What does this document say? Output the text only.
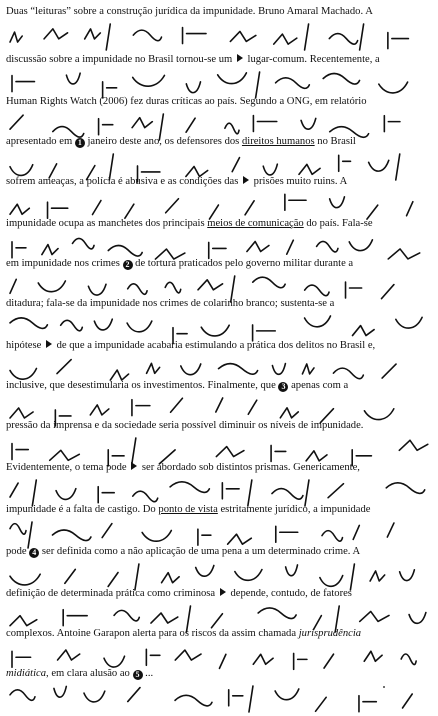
Duas “leituras” sobre a construção jurídica da impunidade. Bruno Amaral Machado. A
discussão sobre a impunidade no Brasil tornou-se um  lugar-comum. Recentemente, a
Human Rights Watch (2006) fez duras críticas ao país. Segundo a ONG, em relatório
apresentado em 1 janeiro deste ano, os defensores dos direitos humanos no Brasil
sofrem ameaças, a polícia é abusiva e as condições das  prisões muito ruins. A
impunidade ocupa as manchetes dos principais meios de comunicação do país. Fala-se
em impunidade nos crimes 2 de tortura praticados pelo governo militar durante a
ditadura; fala-se da impunidade nos crimes de colarinho branco; sustenta-se a
hipótese  de que a impunidade acabaria estimulando a prática dos delitos no Brasil e,
inclusive, que desestimularia os investimentos. Finalmente, que 3 apenas com a
pressão da imprensa e da sociedade seria possível diminuir os níveis de impunidade.
Evidentemente, o tema pode  ser abordado sob distintos prismas. Genericamente,
impunidade é a falta de castigo. Do ponto de vista estritamente jurídico, a impunidade
pode 4 ser definida como a não aplicação de uma pena a um determinado crime. A
definição de determinada prática como criminosa  depende, contudo, de fatores
complexos. Antoine Garapon alerta para os riscos da assim chamada jurisprudência
midiática, em clara alusão ao 5 ...
